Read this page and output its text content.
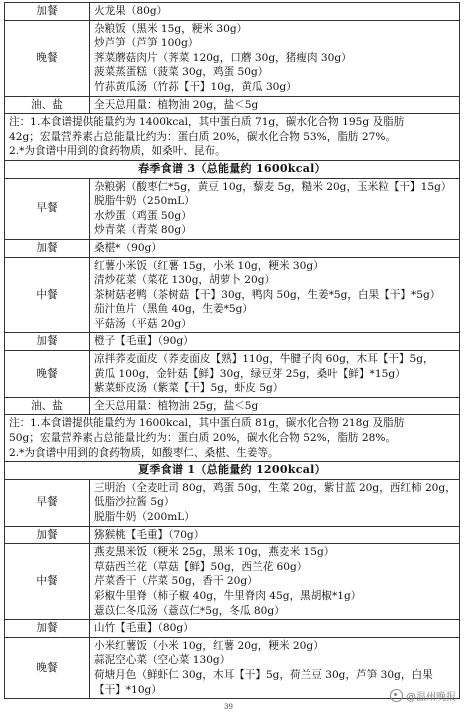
加餐	火龙果（80g）

晚餐	杂粮饭（黑米 15g，粳米 30g）
炒芦笋（芦笋 100g）
荠菜蘑菇肉片（荠菜 120g，口蘑 30g，猪瘦肉 30g）
菠菜蒸蛋糕（菠菜 30g，鸡蛋 50g）
竹荪黄瓜汤（竹荪【干】10g，黄瓜 30g）

油、盐	全天总用量：植物油 20g，盐＜5g

注：1.本食谱提供能量约为 1400kcal，其中蛋白质 71g，碳水化合物 195g 及脂肪
42g；宏量营养素占总能量比约为：蛋白质 20%，碳水化合物 53%，脂肪 27%。
2.*为食谱中用到的食药物质，如桑叶、昆布。	

春季食谱 3（总能量约 1600kcal）	
早餐	杂粮粥（酸枣仁*5g，黄豆 10g，藜麦 5g，糙米 20g，玉米粒【干】15g）
脱脂牛奶（250mL）
水炒蛋（鸡蛋 50g）
炒青菜（青菜 80g）

加餐	桑椹*（90g）

中餐	红薯小米饭（红薯 15g，小米 10g，粳米 30g）
清炒花菜（菜花 130g，胡萝卜 20g）
茶树菇老鸭（茶树菇【干】30g，鸭肉 50g，生姜*5g，白果【干】*5g）
茄汁鱼片（黑鱼 40g，生姜*5g）
平菇汤（平菇 20g）

加餐	橙子【毛重】（90g）

晚餐	凉拌荞麦面皮（荞麦面皮【熟】110g，牛腱子肉 60g，木耳【干】5g，
黄瓜 100g，金针菇【鲜】30g，绿豆芽 25g，桑叶【鲜】*15g）
紫菜虾皮汤（紫菜【干】5g，虾皮 5g）

油、盐	全天总用量：植物油 25g，盐＜5g

注：1.本食谱提供能量约为 1600kcal，其中蛋白质 81g，碳水化合物 218g 及脂肪
50g；宏量营养素占总能量比约为：蛋白质 20%，碳水化合物 52%，脂肪 28%。
2.*为食谱中用到的食药物质，如酸枣仁、桑椹、生姜等。	

夏季食谱 1（总能量约 1200kcal）	
早餐	三明治（全麦吐司 80g，鸡蛋 50g，生菜 20g，紫甘蓝 20g，西红柿 20g，
低脂沙拉酱 5g）
脱脂牛奶（200mL）

加餐	猕猴桃【毛重】（70g）

中餐	燕麦黑米饭（粳米 25g，黑米 10g，燕麦米 15g）
草菇西兰花（草菇【鲜】50g，西兰花 60g）
芹菜香干（芹菜 50g，香干 20g）
彩椒牛里脊（柿子椒 40g，牛里脊肉 45g，黑胡椒*1g）
薏苡仁冬瓜汤（薏苡仁*5g，冬瓜 80g）

加餐	山竹【毛重】（80g）

晚餐	小米红薯饭（小米 10g，红薯 20g，粳米 20g）
蒜泥空心菜（空心菜 130g）
荷塘月色（鲜虾仁 30g，木耳【干】5g，荷兰豆 30g，芦笋 30g，白果
【干】*10g）
39
@温州晚报
